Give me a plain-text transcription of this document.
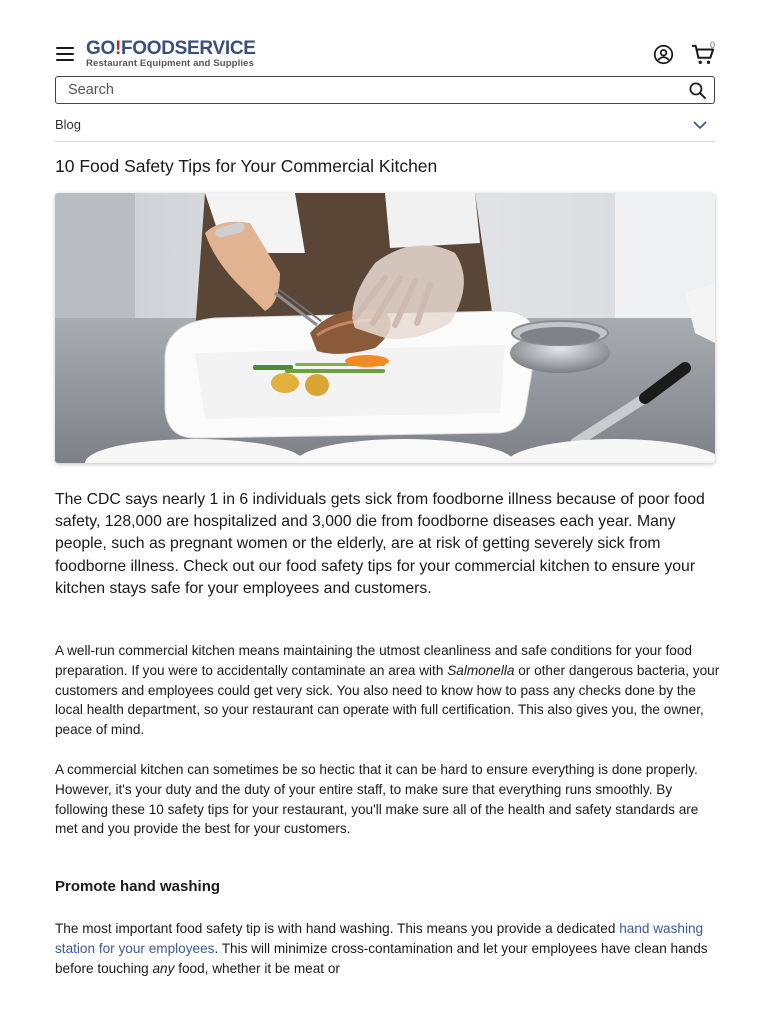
GO!FOODSERVICE
Restaurant Equipment and Supplies
0
Search
Blog
10 Food Safety Tips for Your Commercial Kitchen

The CDC says nearly 1 in 6 individuals gets sick from foodborne illness because of poor food safety, 128,000 are hospitalized and 3,000 die from foodborne diseases each year. Many people, such as pregnant women or the elderly, are at risk of getting severely sick from foodborne illness. Check out our food safety tips for your commercial kitchen to ensure your kitchen stays safe for your employees and customers.

A well-run commercial kitchen means maintaining the utmost cleanliness and safe conditions for your food preparation. If you were to accidentally contaminate an area with Salmonella or other dangerous bacteria, your customers and employees could get very sick. You also need to know how to pass any checks done by the local health department, so your restaurant can operate with full certification. This also gives you, the owner, peace of mind.

A commercial kitchen can sometimes be so hectic that it can be hard to ensure everything is done properly. However, it's your duty and the duty of your entire staff, to make sure that everything runs smoothly. By following these 10 safety tips for your restaurant, you'll make sure all of the health and safety standards are met and you provide the best for your customers.

Promote hand washing

The most important food safety tip is with hand washing. This means you provide a dedicated hand washing station for your employees. This will minimize cross-contamination and let your employees have clean hands before touching any food, whether it be meat or
